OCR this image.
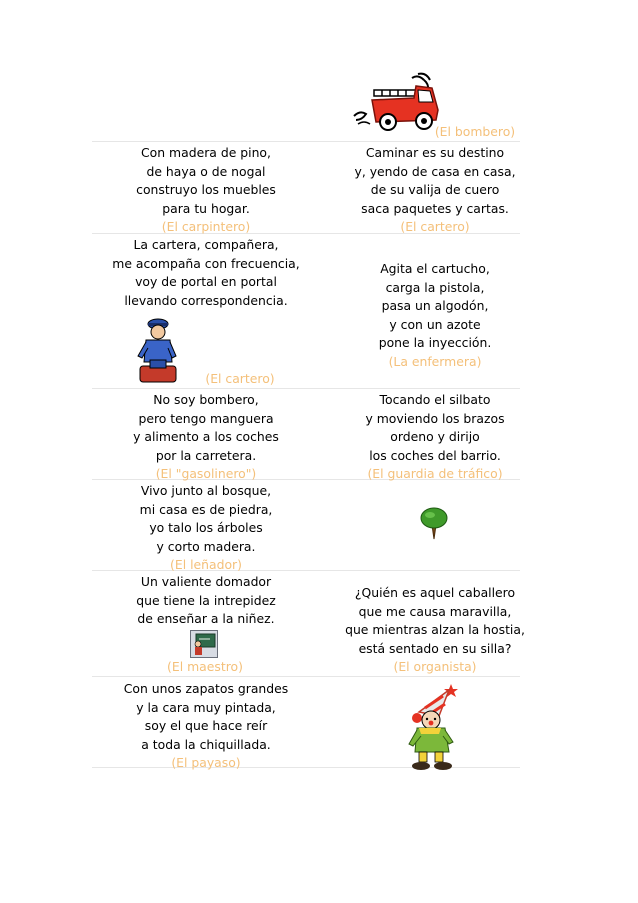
(El bombero)
Con madera de pino,
de haya o de nogal
construyo los muebles
para tu hogar.
(El carpintero)
Caminar es su destino
y, yendo de casa en casa,
de su valija de cuero
saca paquetes y cartas.
(El cartero)
La cartera, compañera,
me acompaña con frecuencia,
voy de portal en portal
llevando correspondencia.
(El cartero)
Agita el cartucho,
carga la pistola,
pasa un algodón,
y con un azote
pone la inyección.
(La enfermera)
No soy bombero,
pero tengo manguera
y alimento a los coches
por la carretera.
(El "gasolinero")
Tocando el silbato
y moviendo los brazos
ordeno y dirijo
los coches del barrio.
(El guardia de tráfico)
Vivo junto al bosque,
mi casa es de piedra,
yo talo los árboles
y corto madera.
(El leñador)
Un valiente domador
que tiene la intrepidez
de enseñar a la niñez.
(El maestro)
¿Quién es aquel caballero
que me causa maravilla,
que mientras alzan la hostia,
está sentado en su silla?
(El organista)
Con unos zapatos grandes
y la cara muy pintada,
soy el que hace reír
a toda la chiquillada.
(El payaso)
